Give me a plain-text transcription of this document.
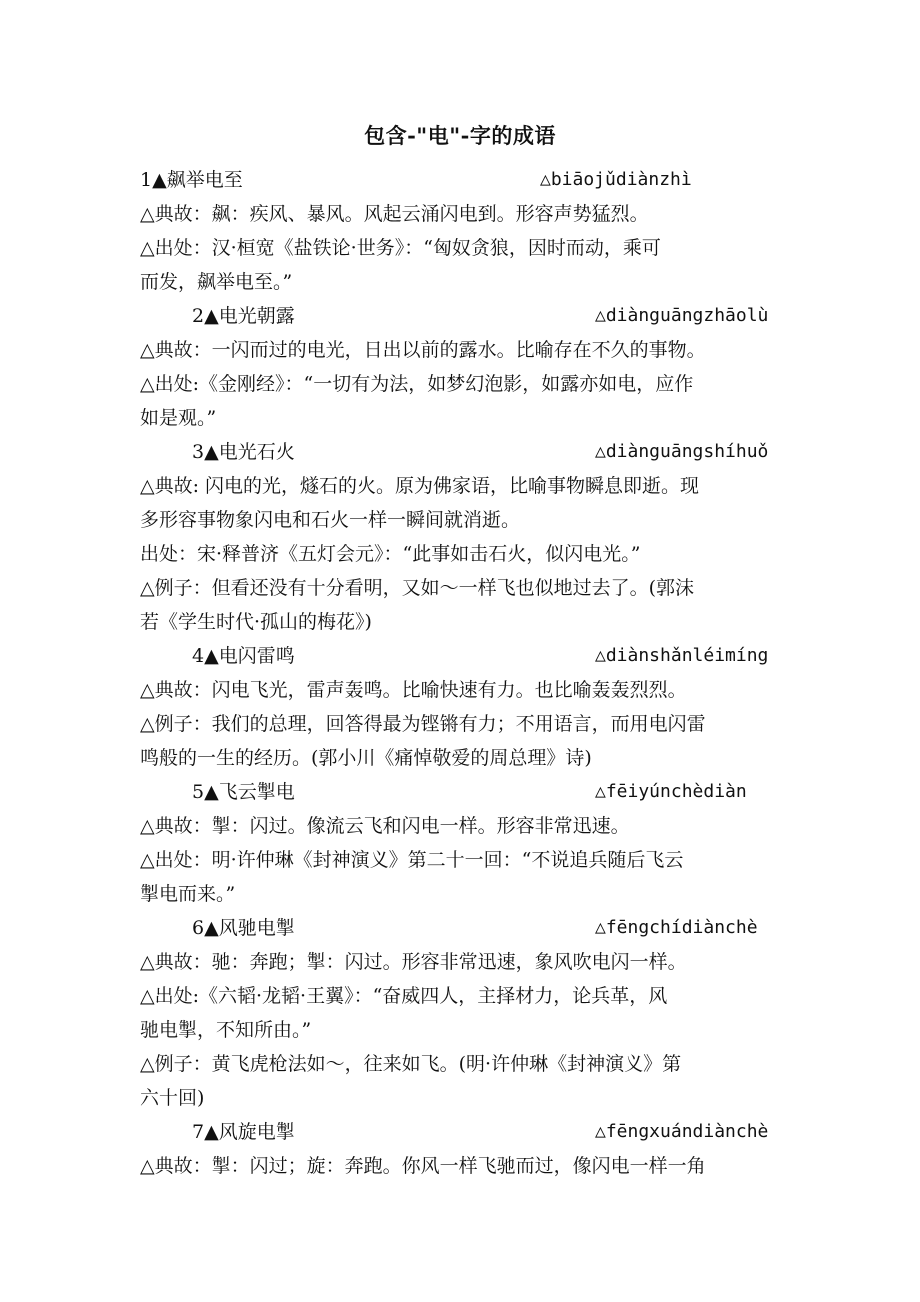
包含-"电"-字的成语
1▲飙举电至	△biāojǔdiànzhì
△典故：飙：疾风、暴风。风起云涌闪电到。形容声势猛烈。
△出处：汉·桓宽《盐铁论·世务》：“匈奴贪狼，因时而动，乘可
而发，飙举电至。”
2▲电光朝露	△diànguāngzhāolù
△典故：一闪而过的电光，日出以前的露水。比喻存在不久的事物。
△出处:《金刚经》：“一切有为法，如梦幻泡影，如露亦如电，应作
如是观。”
3▲电光石火	△diànguāngshíhuǒ
△典故: 闪电的光，燧石的火。原为佛家语，比喻事物瞬息即逝。现
多形容事物象闪电和石火一样一瞬间就消逝。
出处：宋·释普济《五灯会元》：“此事如击石火，似闪电光。”
△例子：但看还没有十分看明，又如～一样飞也似地过去了。(郭沫
若《学生时代·孤山的梅花》)
4▲电闪雷鸣	△diànshǎnléimíng
△典故：闪电飞光，雷声轰鸣。比喻快速有力。也比喻轰轰烈烈。
△例子：我们的总理，回答得最为铿锵有力；不用语言，而用电闪雷
鸣般的一生的经历。(郭小川《痛悼敬爱的周总理》诗)
5▲飞云掣电	△fēiyúnchèdiàn
△典故：掣：闪过。像流云飞和闪电一样。形容非常迅速。
△出处：明·许仲琳《封神演义》第二十一回：“不说追兵随后飞云
掣电而来。”
6▲风驰电掣	△fēngchídiànchè
△典故：驰：奔跑；掣：闪过。形容非常迅速，象风吹电闪一样。
△出处:《六韬·龙韬·王翼》：“奋威四人，主择材力，论兵革，风
驰电掣，不知所由。”
△例子：黄飞虎枪法如～，往来如飞。(明·许仲琳《封神演义》第
六十回)
7▲风旋电掣	△fēngxuándiànchè
△典故：掣：闪过；旋：奔跑。你风一样飞驰而过，像闪电一样一角
